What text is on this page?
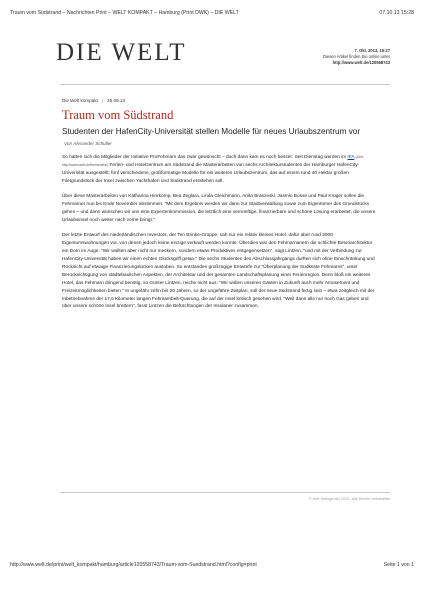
Traum vom Südstrand – Nachrichten Print – WELT KOMPAKT – Hamburg (Print DWK) – DIE WELT	07.10.13 15:28
DIE WELT	7. Okt. 2013, 15:27
Diesen Artikel finden Sie online unter
http://www.welt.de/120558743
Die Welt kompakt | 25.09.13
Traum vom Südstrand
Studenten der HafenCity-Universität stellen Modelle für neues Urlaubszentrum vor Von Alexander Schuller

So hatten sich die Mitglieder der Initiative ProFehmarn das zwar gewünscht – doch dann kam es noch besser: Seit Dienstag werden im IFA (Link: http://www.welt.de/themen/ifa/) Ferien- und Hotelzentrum am Südstrand die Masterarbeiten von sechs Architekturstudenten der Hamburger HafenCity-Universität ausgestellt; fünf verschiedene, großformatige Modelle für ein weiteres Urlaubszentrum, das auf einem rund 40 Hektar großen Filetgrundstück der Insel zwischen Yachthafen und Südstrand entstehen soll.

Über diese Masterarbeiten von Katharina Hinrkomp, Bea Zeglara, Linda Gleichmann, Anita Braszeski, Jasmin Bosse und Paul Krüger sollen die Fehmarner nun bis Ende November abstimmen. "Mit dem Ergebnis werden wir dann zur Stadtverwaltung sowie zum Eigentümer des Grundstücks gehen – und dann wünschen wir uns eine Expertenkommission, die letztlich eine vernünftige, finanzierbare und schöne Lösung erarbeitet, die unsere Urlaubsinsel noch weiter nach vorne bringt."

Der letzte Entwurf des niederländischen Investors, der Ten Brinke-Gruppe, sah nur ein relativ kleines Hotel, dafür aber rund 2000 Eigentumswohnungen vor, von denen jedoch keine einzige verkauft werden konnte. Überdies war den Fehmarnanern die schlichte Betonarchitektur ein Dorn im Auge. "Wir wollten aber nicht nur meckern, sondern etwas Produktives entgegensetzen", sagt Lintzen, "und mit der Verbindung zur HafenCity-Universität haben wir einen echten Glücksgriff getan." Die sechs Studenten des Abschlussjahrgangs durften sich ohne Einschränkung und Rücksicht auf etwaige Finanzierungslücken austoben. So entstanden großzügige Entwürfe zur "Überplanung der Südküste Fehmarns", unter Berücksichtigung von städtebaulichen Aspekten, der Architektur und der gesamten Landschaftsplanung einer Ferienregion. Denn bloß ein weiteres Hotel, das Fehmarn dringend benötig, so Günter Lintzen, reiche nicht aus: "Wir wollen unseren Gästen in Zukunft auch mehr Amüsement und Freizeitmöglichkeiten bieten." In ungefähr zehn bis 20 Jahren, so der ungefähre Zeitplan, soll der neue Südstrand fertig sein – etwa zeitgleich mit der Inbetriebnahme der 17,6 Kilometer langen Fehmarnbelt-Querung, die auf der Insel kritisch gesehen wird. "Weil dann alle nur noch Gas geben und über unsere schöne Insel brettern", fasst Lintzen die Befürchtungen der Insulaner zusammen.

© Axel Springer AG 2013 . Alle Rechte vorbehalten
http://www.welt.de/print/welt_kompakt/hamburg/article120558743/Traum-vom-Suedstrand.html?config=print	Seite 1 von 1
